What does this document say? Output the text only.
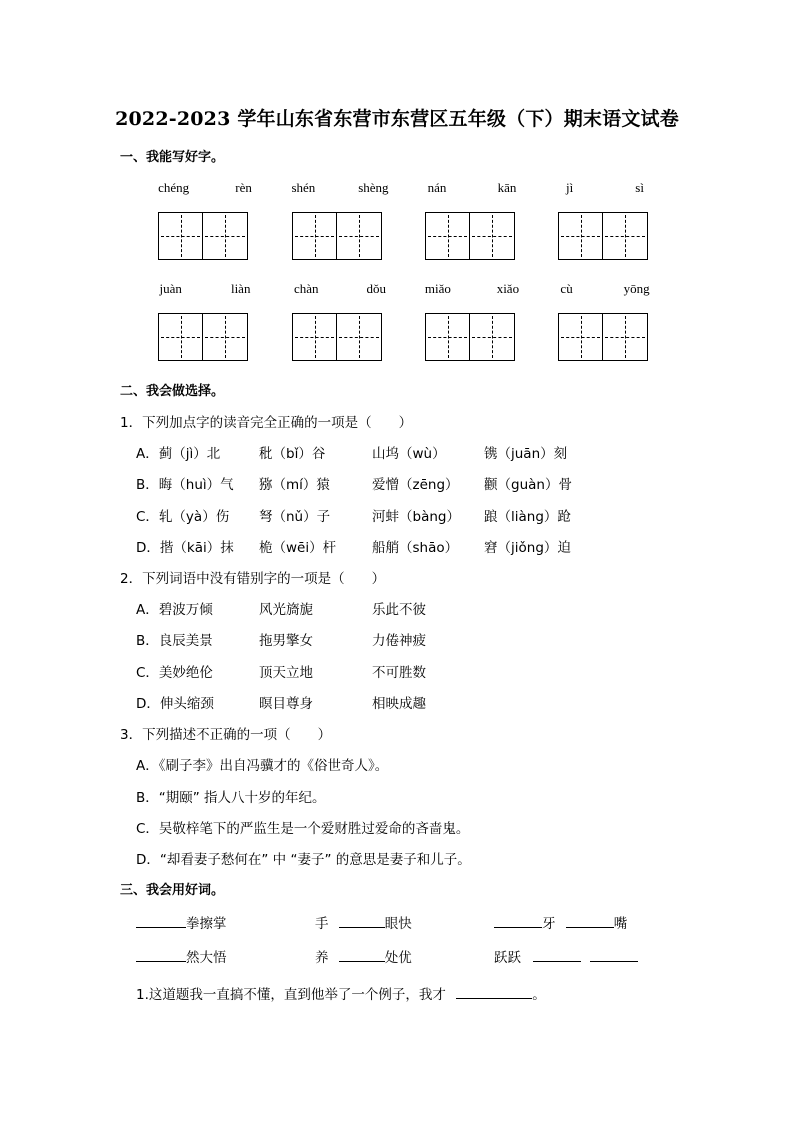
2022-2023 学年山东省东营市东营区五年级（下）期末语文试卷
一、我能写好字。
chéng	rèn	shén	shèng	nán	kān	jì	sì
juàn	liàn	chàn	dǒu	miǎo	xiǎo	cù	yōng
二、我会做选择。
1．下列加点字的读音完全正确的一项是（　　）
A．蓟（jì）北	秕（bǐ）谷	山坞（wù）	镌（juān）刻
B．晦（huì）气 猕（mí）猿	爱憎（zēng） 颧（guàn）骨
C．轧（yà）伤 弩（nǔ）子	河蚌（bàng） 踉（liàng）跄
D．揩（kāi）抹 桅（wēi）杆	船艄（shāo） 窘（jiǒng）迫
2．下列词语中没有错别字的一项是（　　）
A．碧波万倾	风光旖旎	乐此不彼
B．良辰美景	拖男擎女	力倦神疲
C．美妙绝伦	顶天立地	不可胜数
D．伸头缩颈	暝目尊身	相映成趣
3．下列描述不正确的一项（　　）
A．《刷子李》出自冯骥才的《俗世奇人》。
B．“期颐” 指人八十岁的年纪。
C．吴敬梓笔下的严监生是一个爱财胜过爱命的吝啬鬼。
D．“却看妻子愁何在” 中 “妻子” 的意思是妻子和儿子。
三、我会用好词。
拳擦掌	手	眼快	牙	嘴
然大悟	养	处优	跃跃
1.这道题我一直搞不懂，直到他举了一个例子，我才	。
